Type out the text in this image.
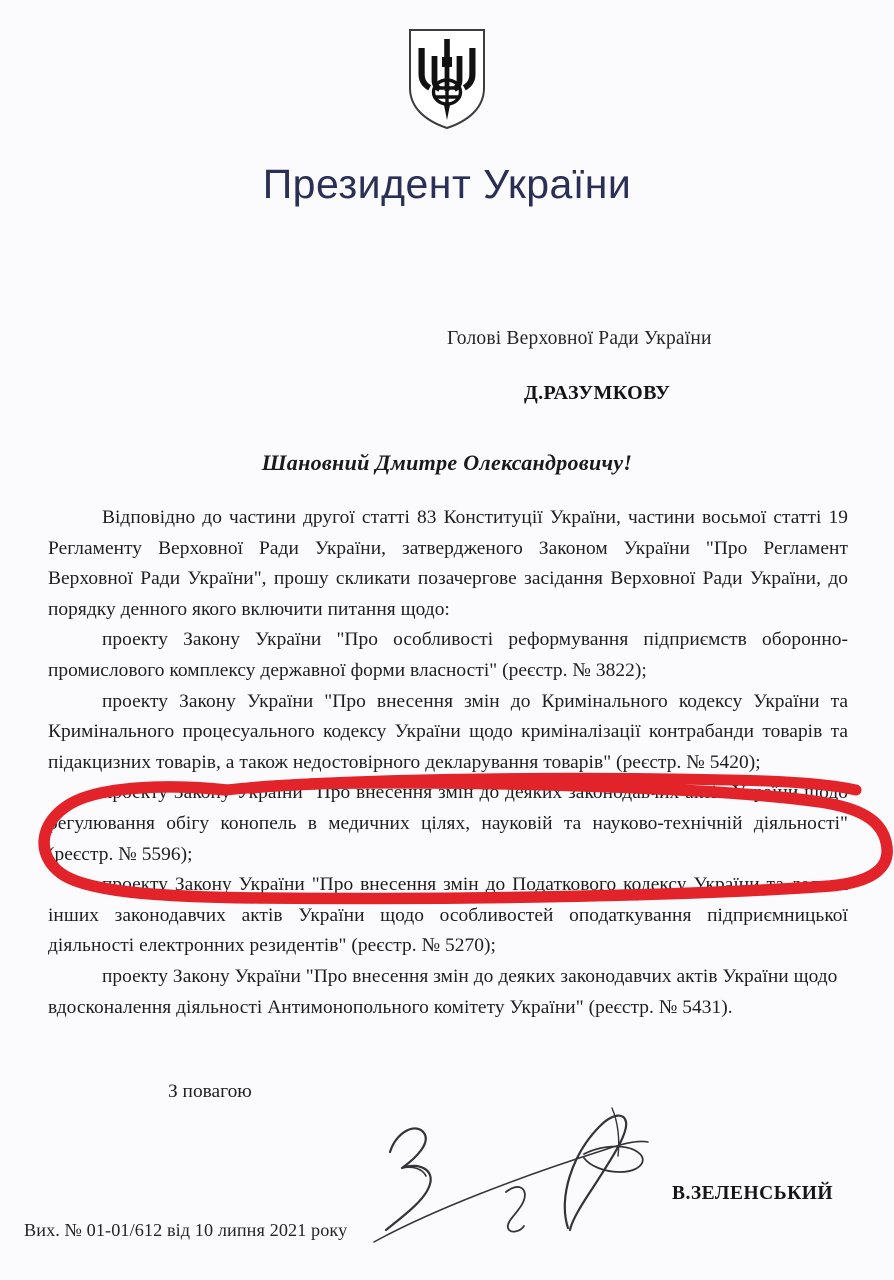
Президент України
Голові Верховної Ради України
Д.РАЗУМКОВУ
Шановний Дмитре Олександровичу!

Відповідно до частини другої статті 83 Конституції України, частини восьмої статті 19 Регламенту Верховної Ради України, затвердженого Законом України "Про Регламент Верховної Ради України", прошу скликати позачергове засідання Верховної Ради України, до порядку денного якого включити питання щодо:

проекту Закону України "Про особливості реформування підприємств оборонно-промислового комплексу державної форми власності" (реєстр. № 3822);

проекту Закону України "Про внесення змін до Кримінального кодексу України та Кримінального процесуального кодексу України щодо криміналізації контрабанди товарів та підакцизних товарів, а також недостовірного декларування товарів" (реєстр. № 5420);

проекту Закону України "Про внесення змін до деяких законодавчих актів України щодо регулювання обігу конопель в медичних цілях, науковій та науково-технічній діяльності" (реєстр. № 5596);

проекту Закону України "Про внесення змін до Податкового кодексу України та деяких інших законодавчих актів України щодо особливостей оподаткування підприємницької діяльності електронних резидентів" (реєстр. № 5270);

проекту Закону України "Про внесення змін до деяких законодавчих актів України щодо вдосконалення діяльності Антимонопольного комітету України" (реєстр. № 5431).

З повагою
В.ЗЕЛЕНСЬКИЙ
Вих. № 01-01/612 від 10 липня 2021 року
